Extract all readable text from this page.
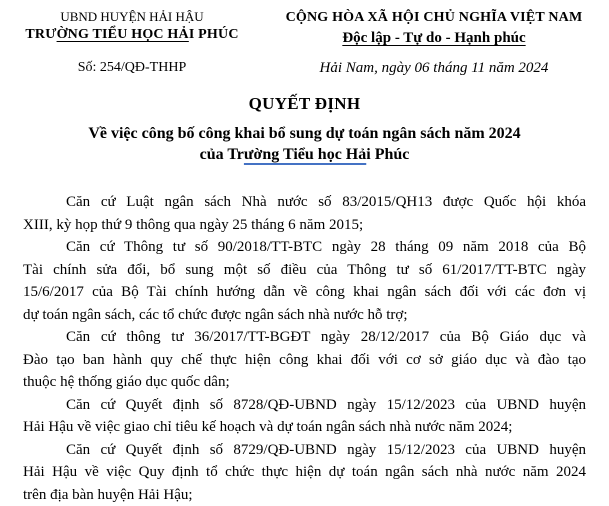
UBND HUYỆN HẢI HẬU
TRƯỜNG TIỂU HỌC HẢI PHÚC
Số: 254/QĐ-THHP
CỘNG HÒA XÃ HỘI CHỦ NGHĨA VIỆT NAM
Độc lập - Tự do - Hạnh phúc
Hải Nam, ngày 06 tháng 11 năm 2024
QUYẾT ĐỊNH
Về việc công bố công khai bổ sung dự toán ngân sách năm 2024
của Trường Tiểu học Hải Phúc
Căn cứ Luật ngân sách Nhà nước số 83/2015/QH13 được Quốc hội khóa
XIII, kỳ họp thứ 9 thông qua ngày 25 tháng 6 năm 2015;
Căn cứ Thông tư số 90/2018/TT-BTC ngày 28 tháng 09 năm 2018 của Bộ
Tài chính sửa đổi, bổ sung một số điều của Thông tư số 61/2017/TT-BTC ngày
15/6/2017 của Bộ Tài chính hướng dẫn về công khai ngân sách đối với các đơn vị
dự toán ngân sách, các tổ chức được ngân sách nhà nước hỗ trợ;
Căn cứ thông tư 36/2017/TT-BGĐT ngày 28/12/2017 của Bộ Giáo dục và
Đào tạo ban hành quy chế thực hiện công khai đối với cơ sở giáo dục và đào tạo
thuộc hệ thống giáo dục quốc dân;
Căn cứ Quyết định số 8728/QĐ-UBND ngày 15/12/2023 của UBND huyện
Hải Hậu về việc giao chỉ tiêu kế hoạch và dự toán ngân sách nhà nước năm 2024;
Căn cứ Quyết định số 8729/QĐ-UBND ngày 15/12/2023 của UBND huyện
Hải Hậu về việc Quy định tổ chức thực hiện dự toán ngân sách nhà nước năm 2024
trên địa bàn huyện Hải Hậu;
